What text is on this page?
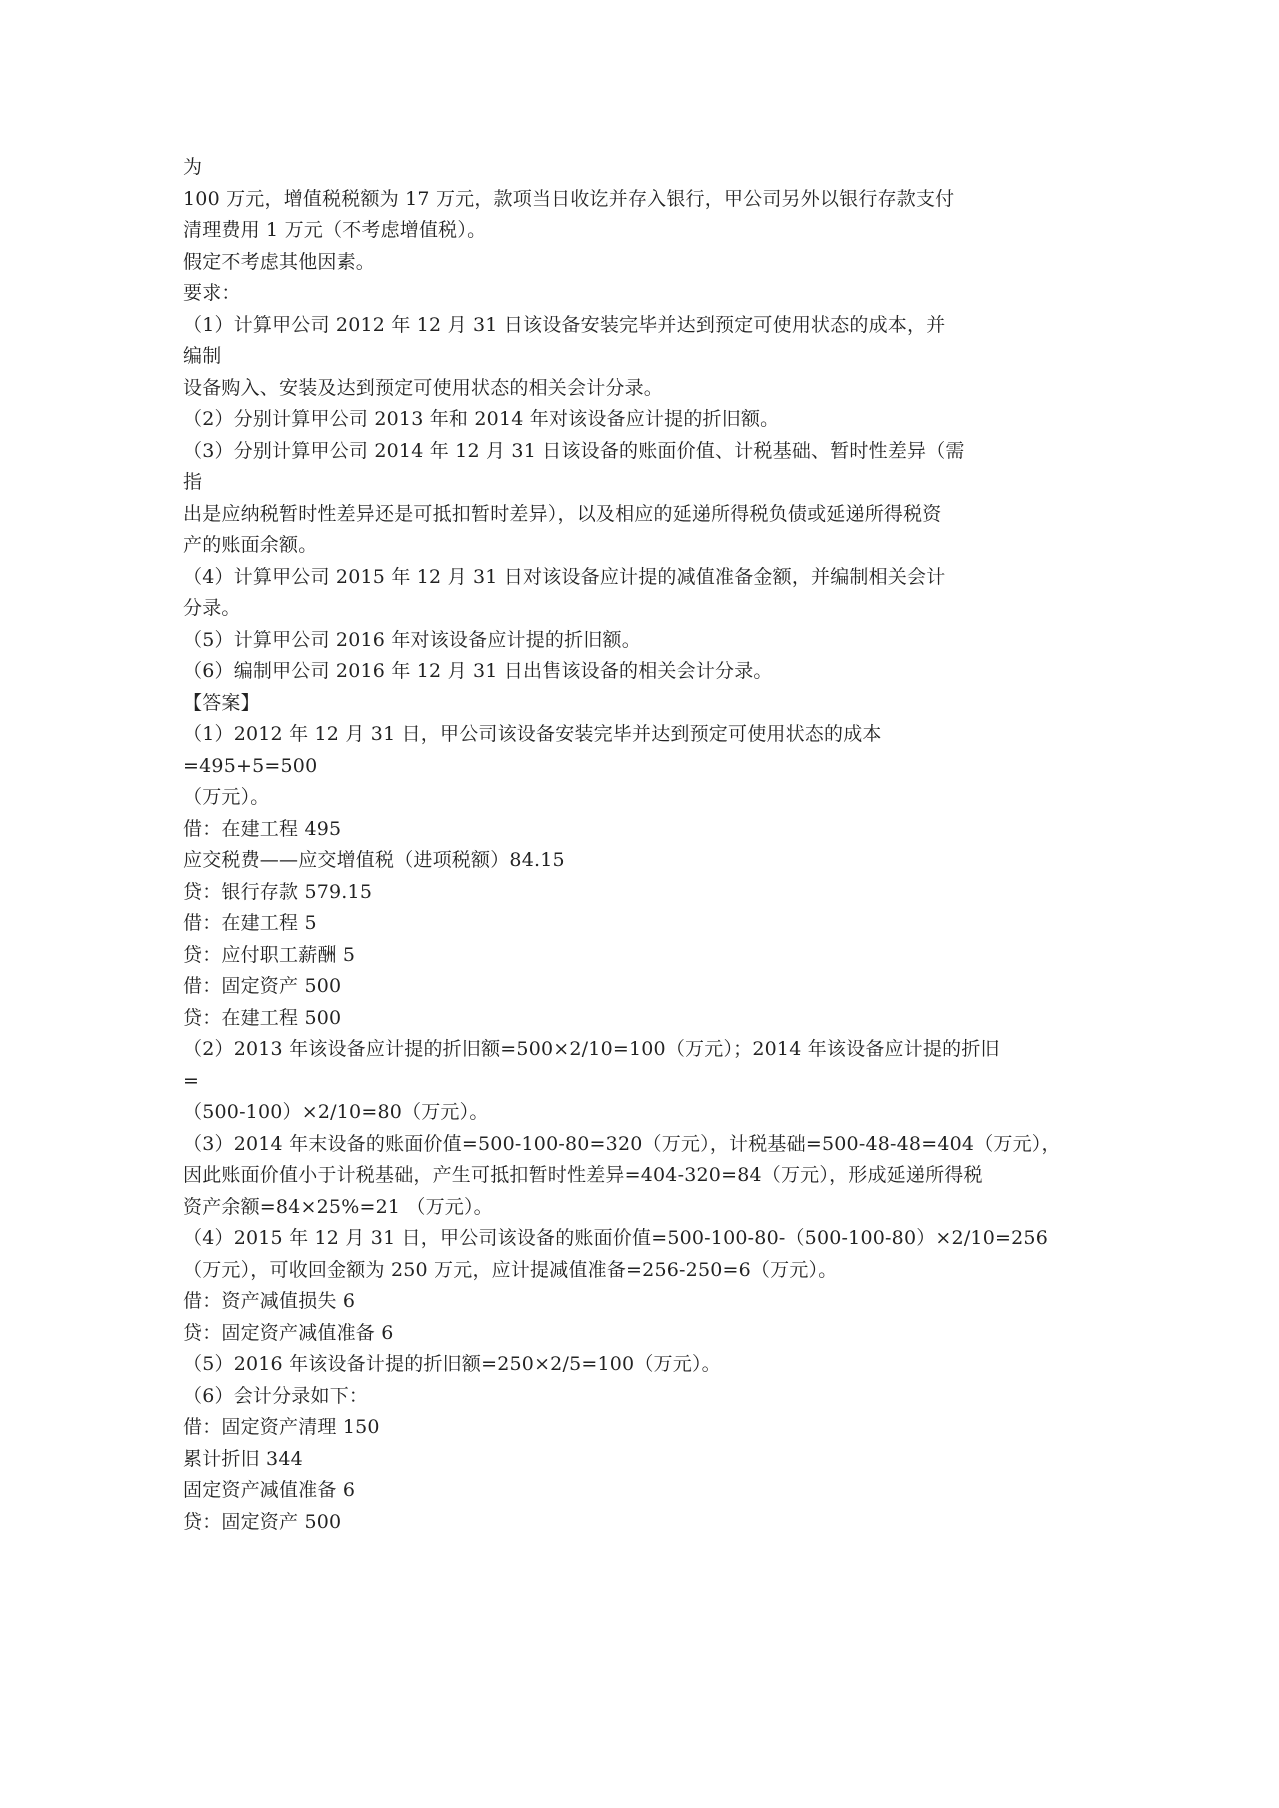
为
100 万元，增值税税额为 17 万元，款项当日收讫并存入银行，甲公司另外以银行存款支付
清理费用 1 万元（不考虑增值税）。
假定不考虑其他因素。
要求：
（1）计算甲公司 2012 年 12 月 31 日该设备安装完毕并达到预定可使用状态的成本，并
编制
设备购入、安装及达到预定可使用状态的相关会计分录。
（2）分别计算甲公司 2013 年和 2014 年对该设备应计提的折旧额。
（3）分别计算甲公司 2014 年 12 月 31 日该设备的账面价值、计税基础、暂时性差异（需
指
出是应纳税暂时性差异还是可抵扣暂时差异），以及相应的延递所得税负债或延递所得税资
产的账面余额。
（4）计算甲公司 2015 年 12 月 31 日对该设备应计提的减值准备金额，并编制相关会计
分录。
（5）计算甲公司 2016 年对该设备应计提的折旧额。
（6）编制甲公司 2016 年 12 月 31 日出售该设备的相关会计分录。
【答案】
（1）2012 年 12 月 31 日，甲公司该设备安装完毕并达到预定可使用状态的成本
=495+5=500
（万元）。
借：在建工程 495
应交税费——应交增值税（进项税额）84.15
贷：银行存款 579.15
借：在建工程 5
贷：应付职工薪酬 5
借：固定资产 500
贷：在建工程 500
（2）2013 年该设备应计提的折旧额=500×2/10=100（万元）；2014 年该设备应计提的折旧
=
（500-100）×2/10=80（万元）。
（3）2014 年末设备的账面价值=500-100-80=320（万元），计税基础=500-48-48=404（万元），
因此账面价值小于计税基础，产生可抵扣暂时性差异=404-320=84（万元），形成延递所得税
资产余额=84×25%=21 （万元）。
（4）2015 年 12 月 31 日，甲公司该设备的账面价值=500-100-80-（500-100-80）×2/10=256
（万元），可收回金额为 250 万元，应计提减值准备=256-250=6（万元）。
借：资产减值损失 6
贷：固定资产减值准备 6
（5）2016 年该设备计提的折旧额=250×2/5=100（万元）。
（6）会计分录如下：
借：固定资产清理 150
累计折旧 344
固定资产减值准备 6
贷：固定资产 500
